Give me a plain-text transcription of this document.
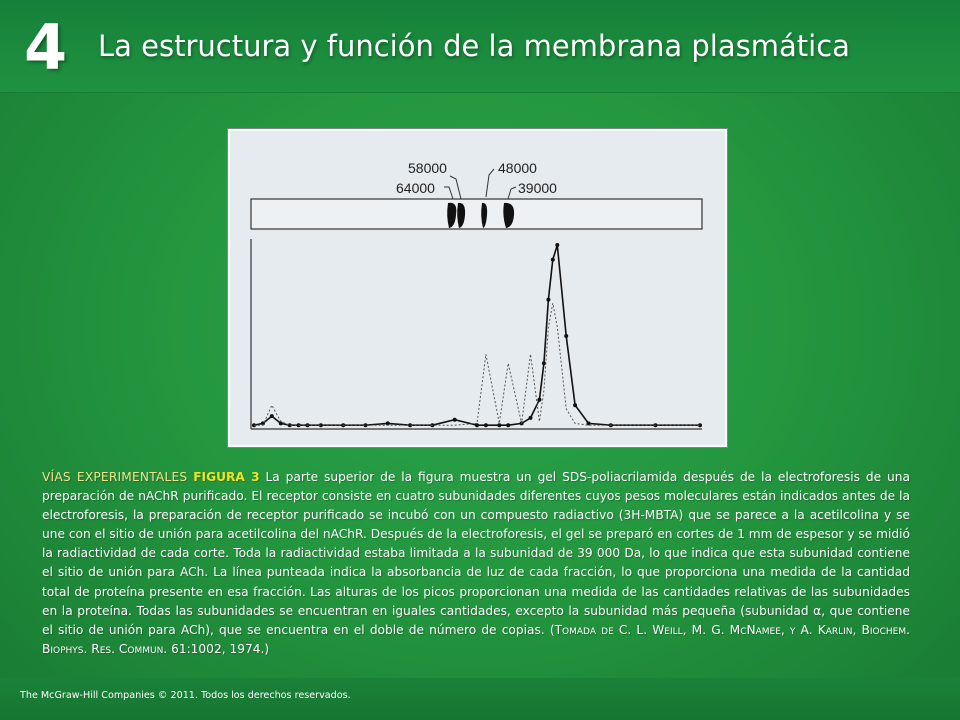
4	La estructura y función de la membrana plasmática
58000	48000
64000	39000
VÍAS EXPERIMENTALES FIGURA 3 La parte superior de la figura muestra un gel SDS-poliacrilamida después de la electroforesis de una preparación de nAChR purificado. El receptor consiste en cuatro subunidades diferentes cuyos pesos moleculares están indicados antes de la electroforesis, la preparación de receptor purificado se incubó con un compuesto radiactivo (3H-MBTA) que se parece a la acetilcolina y se une con el sitio de unión para acetilcolina del nAChR. Después de la electroforesis, el gel se preparó en cortes de 1 mm de espesor y se midió la radiactividad de cada corte. Toda la radiactividad estaba limitada a la subunidad de 39 000 Da, lo que indica que esta subunidad contiene el sitio de unión para ACh. La línea punteada indica la absorbancia de luz de cada fracción, lo que proporciona una medida de la cantidad total de proteína presente en esa fracción. Las alturas de los picos proporcionan una medida de las cantidades relativas de las subunidades en la proteína. Todas las subunidades se encuentran en iguales cantidades, excepto la subunidad más pequeña (subunidad α, que contiene el sitio de unión para ACh), que se encuentra en el doble de número de copias. (Tomada de C. L. Weill, M. G. McNamee, y A. Karlin, Biochem. Biophys. Res. Commun. 61:1002, 1974.)
The McGraw-Hill Companies © 2011. Todos los derechos reservados.
